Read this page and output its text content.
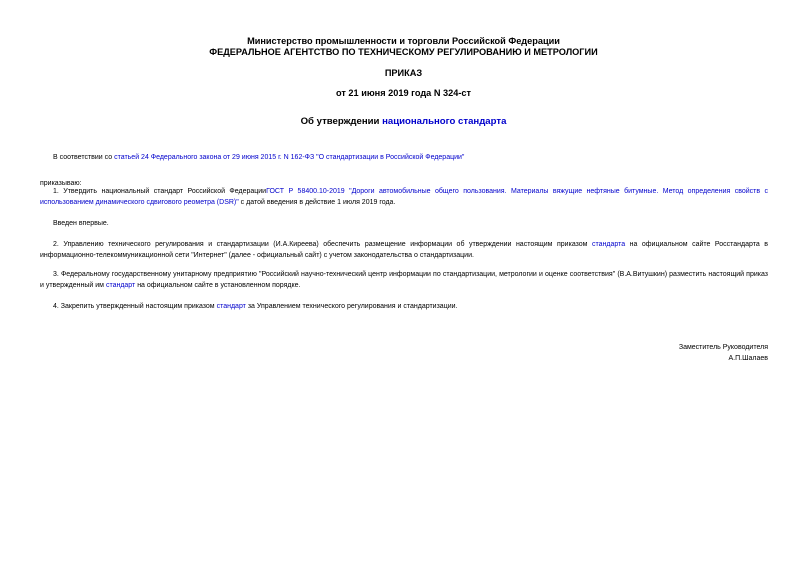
Министерство промышленности и торговли Российской Федерации
ФЕДЕРАЛЬНОЕ АГЕНТСТВО ПО ТЕХНИЧЕСКОМУ РЕГУЛИРОВАНИЮ И МЕТРОЛОГИИ
ПРИКАЗ
от 21 июня 2019 года N 324-ст
Об утверждении национального стандарта
В соответствии со статьей 24 Федерального закона от 29 июня 2015 г. N 162-ФЗ "О стандартизации в Российской Федерации"
приказываю:
1. Утвердить национальный стандарт Российской ФедерацииГОСТ Р 58400.10-2019 "Дороги автомобильные общего пользования. Материалы вяжущие нефтяные битумные. Метод определения свойств с использованием динамического сдвигового реометра (DSR)" с датой введения в действие 1 июля 2019 года.
Введен впервые.
2. Управлению технического регулирования и стандартизации (И.А.Киреева) обеспечить размещение информации об утверждении настоящим приказом стандарта на официальном сайте Росстандарта в информационно-телекоммуникационной сети "Интернет" (далее - официальный сайт) с учетом законодательства о стандартизации.
3. Федеральному государственному унитарному предприятию "Российский научно-технический центр информации по стандартизации, метрологии и оценке соответствия" (В.А.Витушкин) разместить настоящий приказ и утвержденный им стандарт на официальном сайте в установленном порядке.
4. Закрепить утвержденный настоящим приказом стандарт за Управлением технического регулирования и стандартизации.
Заместитель Руководителя
А.П.Шалаев
